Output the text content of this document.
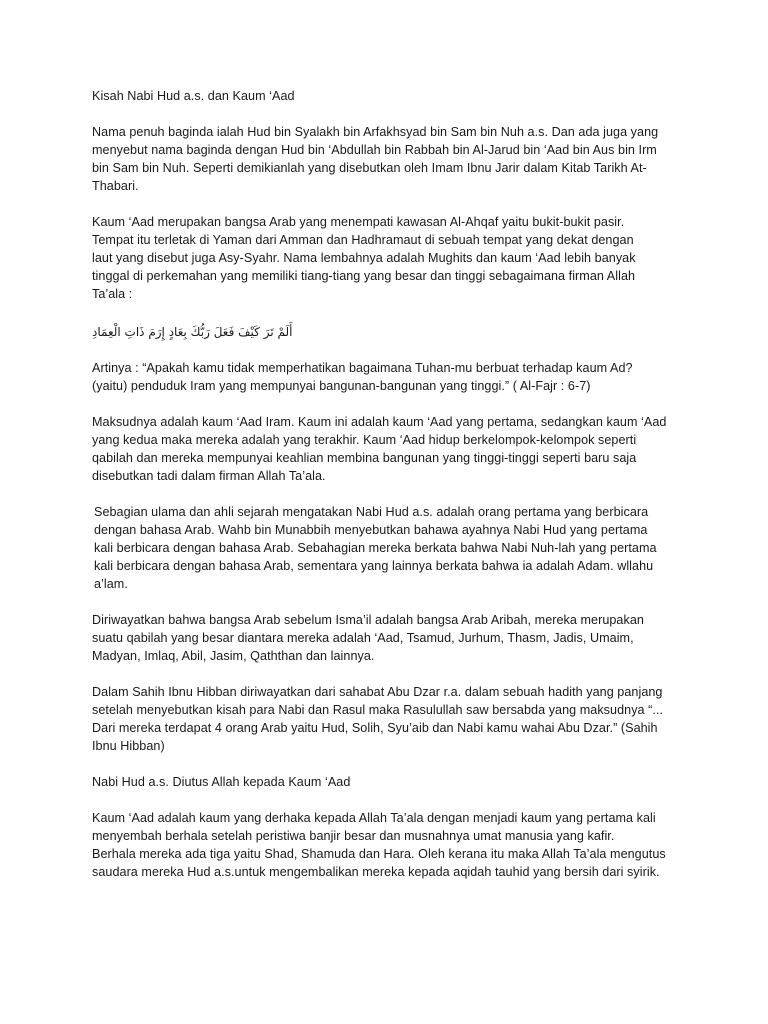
Kisah Nabi Hud a.s. dan Kaum ‘Aad

Nama penuh baginda ialah Hud bin Syalakh bin Arfakhsyad bin Sam bin Nuh a.s. Dan ada juga yang
menyebut nama baginda dengan Hud bin ‘Abdullah bin Rabbah bin Al-Jarud bin ‘Aad bin Aus bin Irm
bin Sam bin Nuh. Seperti demikianlah yang disebutkan oleh Imam Ibnu Jarir dalam Kitab Tarikh At-
Thabari.

Kaum ‘Aad merupakan bangsa Arab yang menempati kawasan Al-Ahqaf yaitu bukit-bukit pasir.
Tempat itu terletak di Yaman dari Amman dan Hadhramaut di sebuah tempat yang dekat dengan
laut yang disebut juga Asy-Syahr. Nama lembahnya adalah Mughits dan kaum ‘Aad lebih banyak
tinggal di perkemahan yang memiliki tiang-tiang yang besar dan tinggi sebagaimana firman Allah
Ta’ala :

أَلَمْ تَرَ كَيْفَ فَعَلَ رَبُّكَ بِعَادٍ إِرَمَ ذَاتِ الْعِمَادِ

Artinya : “Apakah kamu tidak memperhatikan bagaimana Tuhan-mu berbuat terhadap kaum Ad?
(yaitu) penduduk Iram yang mempunyai bangunan-bangunan yang tinggi.” ( Al-Fajr : 6-7)

Maksudnya adalah kaum ‘Aad Iram. Kaum ini adalah kaum ‘Aad yang pertama, sedangkan kaum ‘Aad
yang kedua maka mereka adalah yang terakhir. Kaum ‘Aad hidup berkelompok-kelompok seperti
qabilah dan mereka mempunyai keahlian membina bangunan yang tinggi-tinggi seperti baru saja
disebutkan tadi dalam firman Allah Ta’ala.

Sebagian ulama dan ahli sejarah mengatakan Nabi Hud a.s. adalah orang pertama yang berbicara
dengan bahasa Arab. Wahb bin Munabbih menyebutkan bahawa ayahnya Nabi Hud yang pertama
kali berbicara dengan bahasa Arab. Sebahagian mereka berkata bahwa Nabi Nuh-lah yang pertama
kali berbicara dengan bahasa Arab, sementara yang lainnya berkata bahwa ia adalah Adam. wllahu
a’lam.

Diriwayatkan bahwa bangsa Arab sebelum Isma’il adalah bangsa Arab Aribah, mereka merupakan
suatu qabilah yang besar diantara mereka adalah ‘Aad, Tsamud, Jurhum, Thasm, Jadis, Umaim,
Madyan, Imlaq, Abil, Jasim, Qaththan dan lainnya.

Dalam Sahih Ibnu Hibban diriwayatkan dari sahabat Abu Dzar r.a. dalam sebuah hadith yang panjang
setelah menyebutkan kisah para Nabi dan Rasul maka Rasulullah saw bersabda yang maksudnya “...
Dari mereka terdapat 4 orang Arab yaitu Hud, Solih, Syu’aib dan Nabi kamu wahai Abu Dzar.” (Sahih
Ibnu Hibban)

Nabi Hud a.s. Diutus Allah kepada Kaum ‘Aad

Kaum ‘Aad adalah kaum yang derhaka kepada Allah Ta’ala dengan menjadi kaum yang pertama kali
menyembah berhala setelah peristiwa banjir besar dan musnahnya umat manusia yang kafir.
Berhala mereka ada tiga yaitu Shad, Shamuda dan Hara. Oleh kerana itu maka Allah Ta’ala mengutus
saudara mereka Hud a.s.untuk mengembalikan mereka kepada aqidah tauhid yang bersih dari syirik.
